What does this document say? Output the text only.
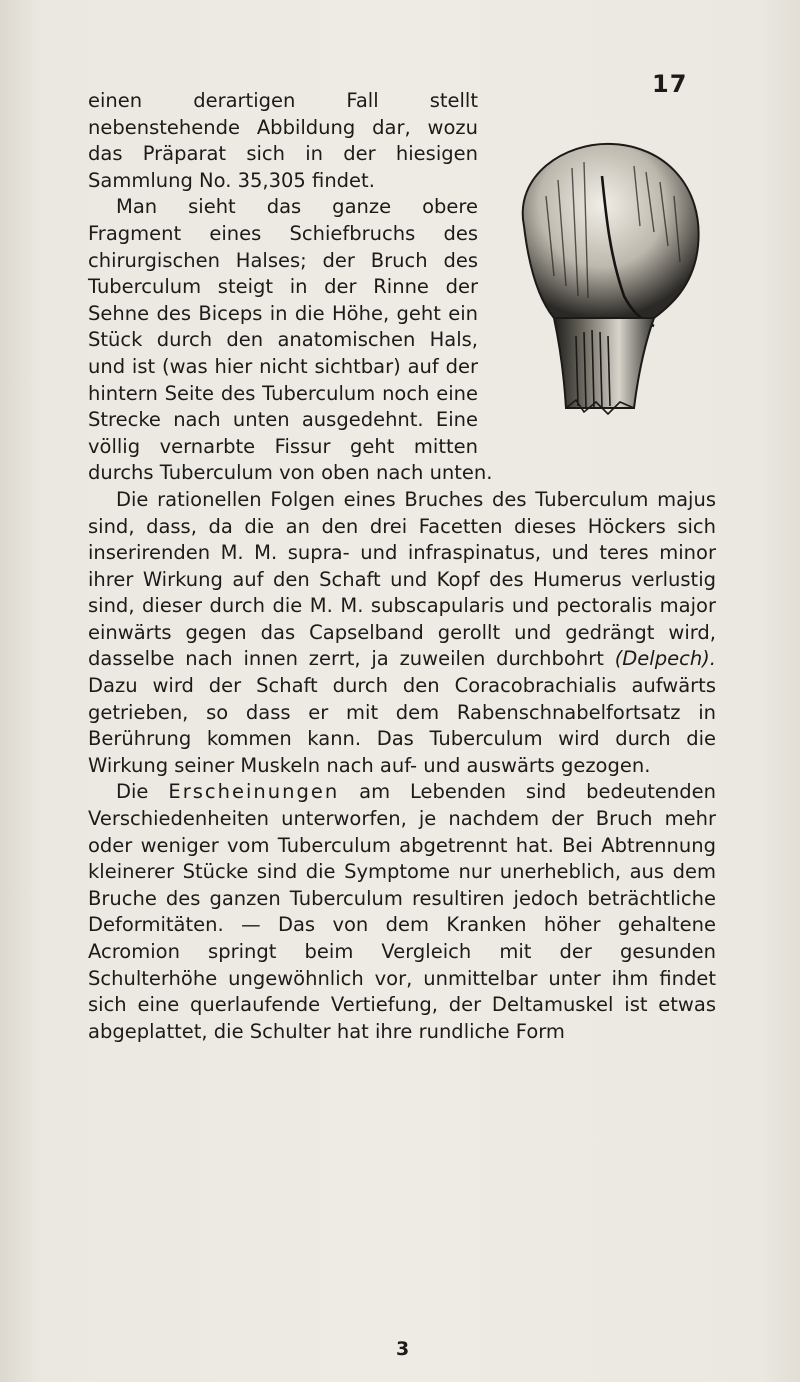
17

einen derartigen Fall stellt nebenstehende Abbildung dar, wozu das Präparat sich in der hiesigen Sammlung No. 35,305 findet.

Man sieht das ganze obere Fragment eines Schiefbruchs des chirurgischen Halses; der Bruch des Tuberculum steigt in der Rinne der Sehne des Biceps in die Höhe, geht ein Stück durch den anatomischen Hals, und ist (was hier nicht sichtbar) auf der hintern Seite des Tuberculum noch eine Strecke nach unten ausgedehnt. Eine völlig vernarbte Fissur geht mitten durchs Tuberculum von oben nach unten.

Die rationellen Folgen eines Bruches des Tuberculum majus sind, dass, da die an den drei Facetten dieses Höckers sich inserirenden M. M. supra- und infraspinatus, und teres minor ihrer Wirkung auf den Schaft und Kopf des Humerus verlustig sind, dieser durch die M. M. subscapularis und pectoralis major einwärts gegen das Capselband gerollt und gedrängt wird, dasselbe nach innen zerrt, ja zuweilen durchbohrt (Delpech). Dazu wird der Schaft durch den Coracobrachialis aufwärts getrieben, so dass er mit dem Rabenschnabelfortsatz in Berührung kommen kann. Das Tuberculum wird durch die Wirkung seiner Muskeln nach auf- und auswärts gezogen.

Die Erscheinungen am Lebenden sind bedeutenden Verschiedenheiten unterworfen, je nachdem der Bruch mehr oder weniger vom Tuberculum abgetrennt hat. Bei Abtrennung kleinerer Stücke sind die Symptome nur unerheblich, aus dem Bruche des ganzen Tuberculum resultiren jedoch beträchtliche Deformitäten. — Das von dem Kranken höher gehaltene Acromion springt beim Vergleich mit der gesunden Schulterhöhe ungewöhnlich vor, unmittelbar unter ihm findet sich eine querlaufende Vertiefung, der Deltamuskel ist etwas abgeplattet, die Schulter hat ihre rundliche Form

3
